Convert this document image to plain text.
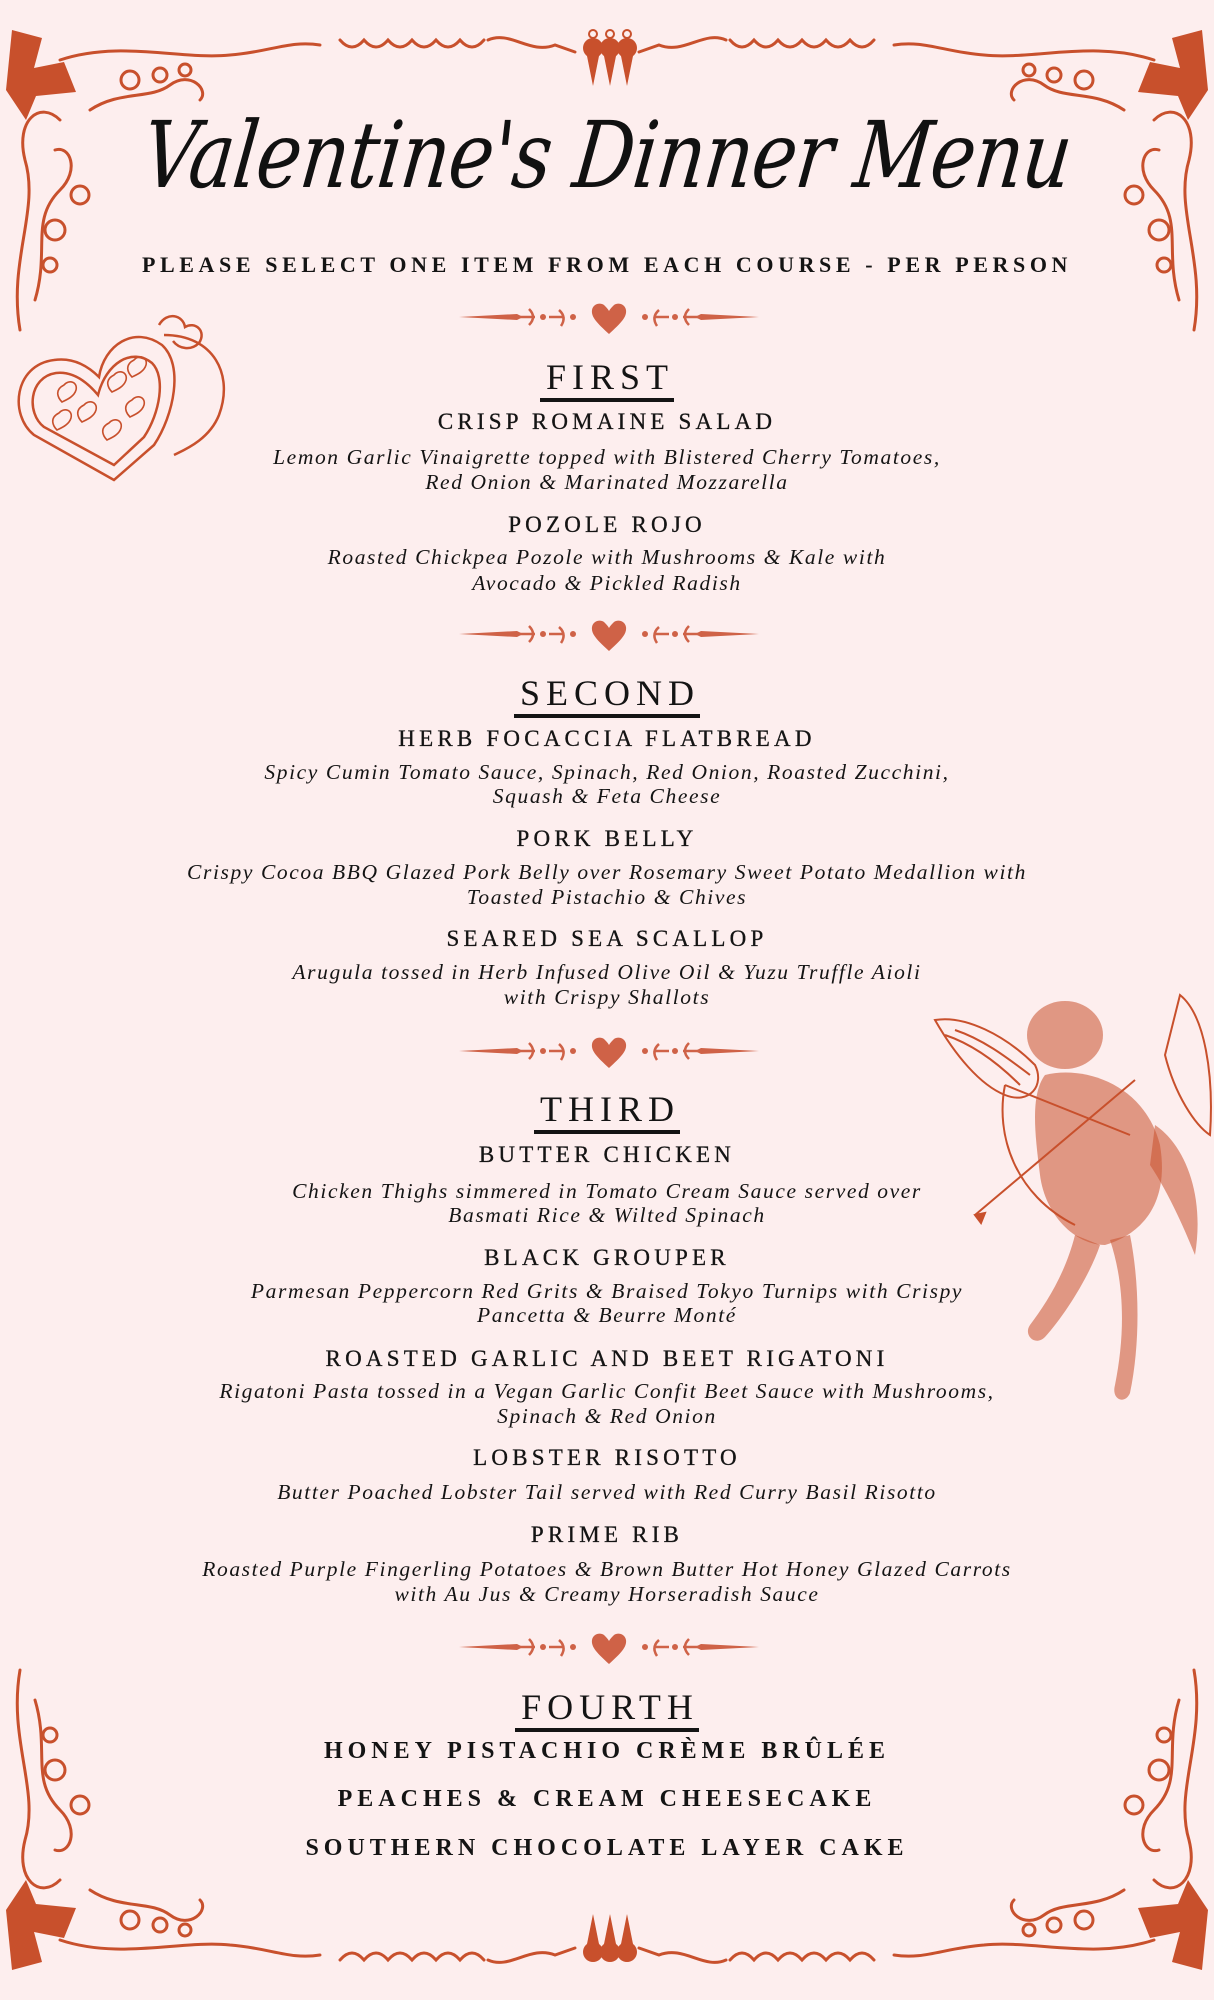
Valentine's Dinner Menu
PLEASE SELECT ONE ITEM FROM EACH COURSE - PER PERSON
FIRST
CRISP ROMAINE SALAD
Lemon Garlic Vinaigrette topped with Blistered Cherry Tomatoes,
Red Onion & Marinated Mozzarella
POZOLE ROJO
Roasted Chickpea Pozole with Mushrooms & Kale with
Avocado & Pickled Radish
SECOND
HERB FOCACCIA FLATBREAD
Spicy Cumin Tomato Sauce, Spinach, Red Onion, Roasted Zucchini,
Squash & Feta Cheese
PORK BELLY
Crispy Cocoa BBQ Glazed Pork Belly over Rosemary Sweet Potato Medallion with
Toasted Pistachio & Chives
SEARED SEA SCALLOP
Arugula tossed in Herb Infused Olive Oil & Yuzu Truffle Aioli
with Crispy Shallots
THIRD
BUTTER CHICKEN
Chicken Thighs simmered in Tomato Cream Sauce served over
Basmati Rice & Wilted Spinach
BLACK GROUPER
Parmesan Peppercorn Red Grits & Braised Tokyo Turnips with Crispy
Pancetta & Beurre Monté
ROASTED GARLIC AND BEET RIGATONI
Rigatoni Pasta tossed in a Vegan Garlic Confit Beet Sauce with Mushrooms,
Spinach & Red Onion
LOBSTER RISOTTO
Butter Poached Lobster Tail served with Red Curry Basil Risotto
PRIME RIB
Roasted Purple Fingerling Potatoes & Brown Butter Hot Honey Glazed Carrots
with Au Jus & Creamy Horseradish Sauce
FOURTH
HONEY PISTACHIO CRÈME BRÛLÉE
PEACHES & CREAM CHEESECAKE
SOUTHERN CHOCOLATE LAYER CAKE
